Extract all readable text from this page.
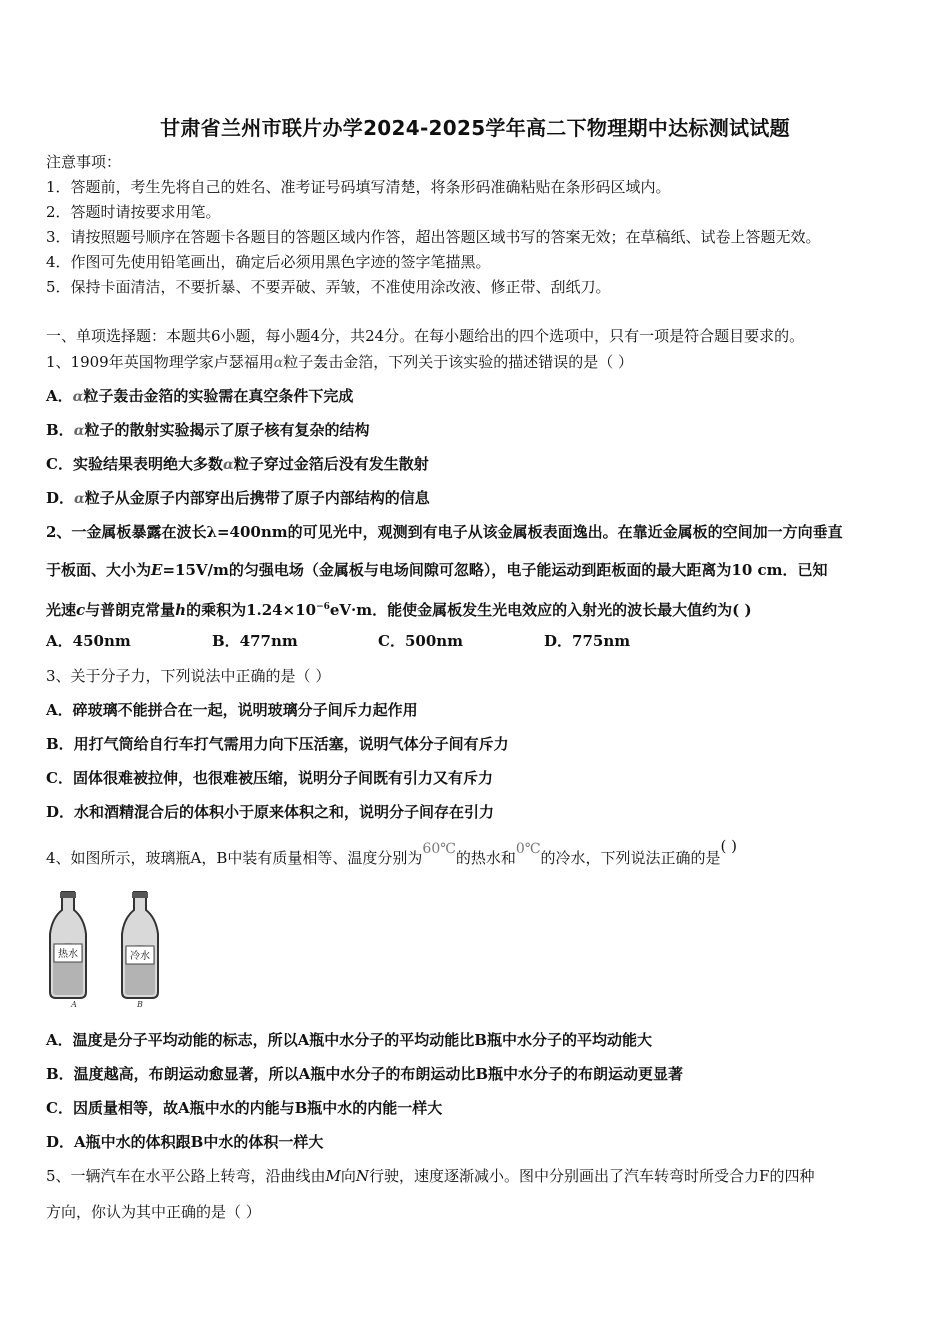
甘肃省兰州市联片办学2024-2025学年高二下物理期中达标测试试题
注意事项：
1．答题前，考生先将自己的姓名、准考证号码填写清楚，将条形码准确粘贴在条形码区域内。
2．答题时请按要求用笔。
3．请按照题号顺序在答题卡各题目的答题区域内作答，超出答题区域书写的答案无效；在草稿纸、试卷上答题无效。
4．作图可先使用铅笔画出，确定后必须用黑色字迹的签字笔描黑。
5．保持卡面清洁，不要折暴、不要弄破、弄皱，不准使用涂改液、修正带、刮纸刀。
一、单项选择题：本题共6小题，每小题4分，共24分。在每小题给出的四个选项中，只有一项是符合题目要求的。
1、1909年英国物理学家卢瑟福用α粒子轰击金箔，下列关于该实验的描述错误的是（ ）
A．α粒子轰击金箔的实验需在真空条件下完成
B．α粒子的散射实验揭示了原子核有复杂的结构
C．实验结果表明绝大多数α粒子穿过金箔后没有发生散射
D．α粒子从金原子内部穿出后携带了原子内部结构的信息
2、一金属板暴露在波长λ=400nm的可见光中，观测到有电子从该金属板表面逸出。在靠近金属板的空间加一方向垂直
于板面、大小为E=15V/m的匀强电场（金属板与电场间隙可忽略），电子能运动到距板面的最大距离为10 cm．已知
光速c与普朗克常量h的乘积为$1.24\times 10^{-6}eV\cdot m$．能使金属板发生光电效应的入射光的波长最大值约为( )
A．450nm	B．477nm	C．500nm	D．775nm
3、关于分子力，下列说法中正确的是（ ）
A．碎玻璃不能拼合在一起，说明玻璃分子间斥力起作用
B．用打气筒给自行车打气需用力向下压活塞，说明气体分子间有斥力
C．固体很难被拉伸，也很难被压缩，说明分子间既有引力又有斥力
D．水和酒精混合后的体积小于原来体积之和，说明分子间存在引力
4、如图所示，玻璃瓶A，B中装有质量相等、温度分别为60℃的热水和0℃的冷水，下列说法正确的是( )
热水	冷水
A	B
A．温度是分子平均动能的标志，所以A瓶中水分子的平均动能比B瓶中水分子的平均动能大
B．温度越高，布朗运动愈显著，所以A瓶中水分子的布朗运动比B瓶中水分子的布朗运动更显著
C．因质量相等，故A瓶中水的内能与B瓶中水的内能一样大
D．A瓶中水的体积跟B中水的体积一样大
5、一辆汽车在水平公路上转弯，沿曲线由M向N行驶，速度逐渐减小。图中分别画出了汽车转弯时所受合力F的四种
方向，你认为其中正确的是（ ）
